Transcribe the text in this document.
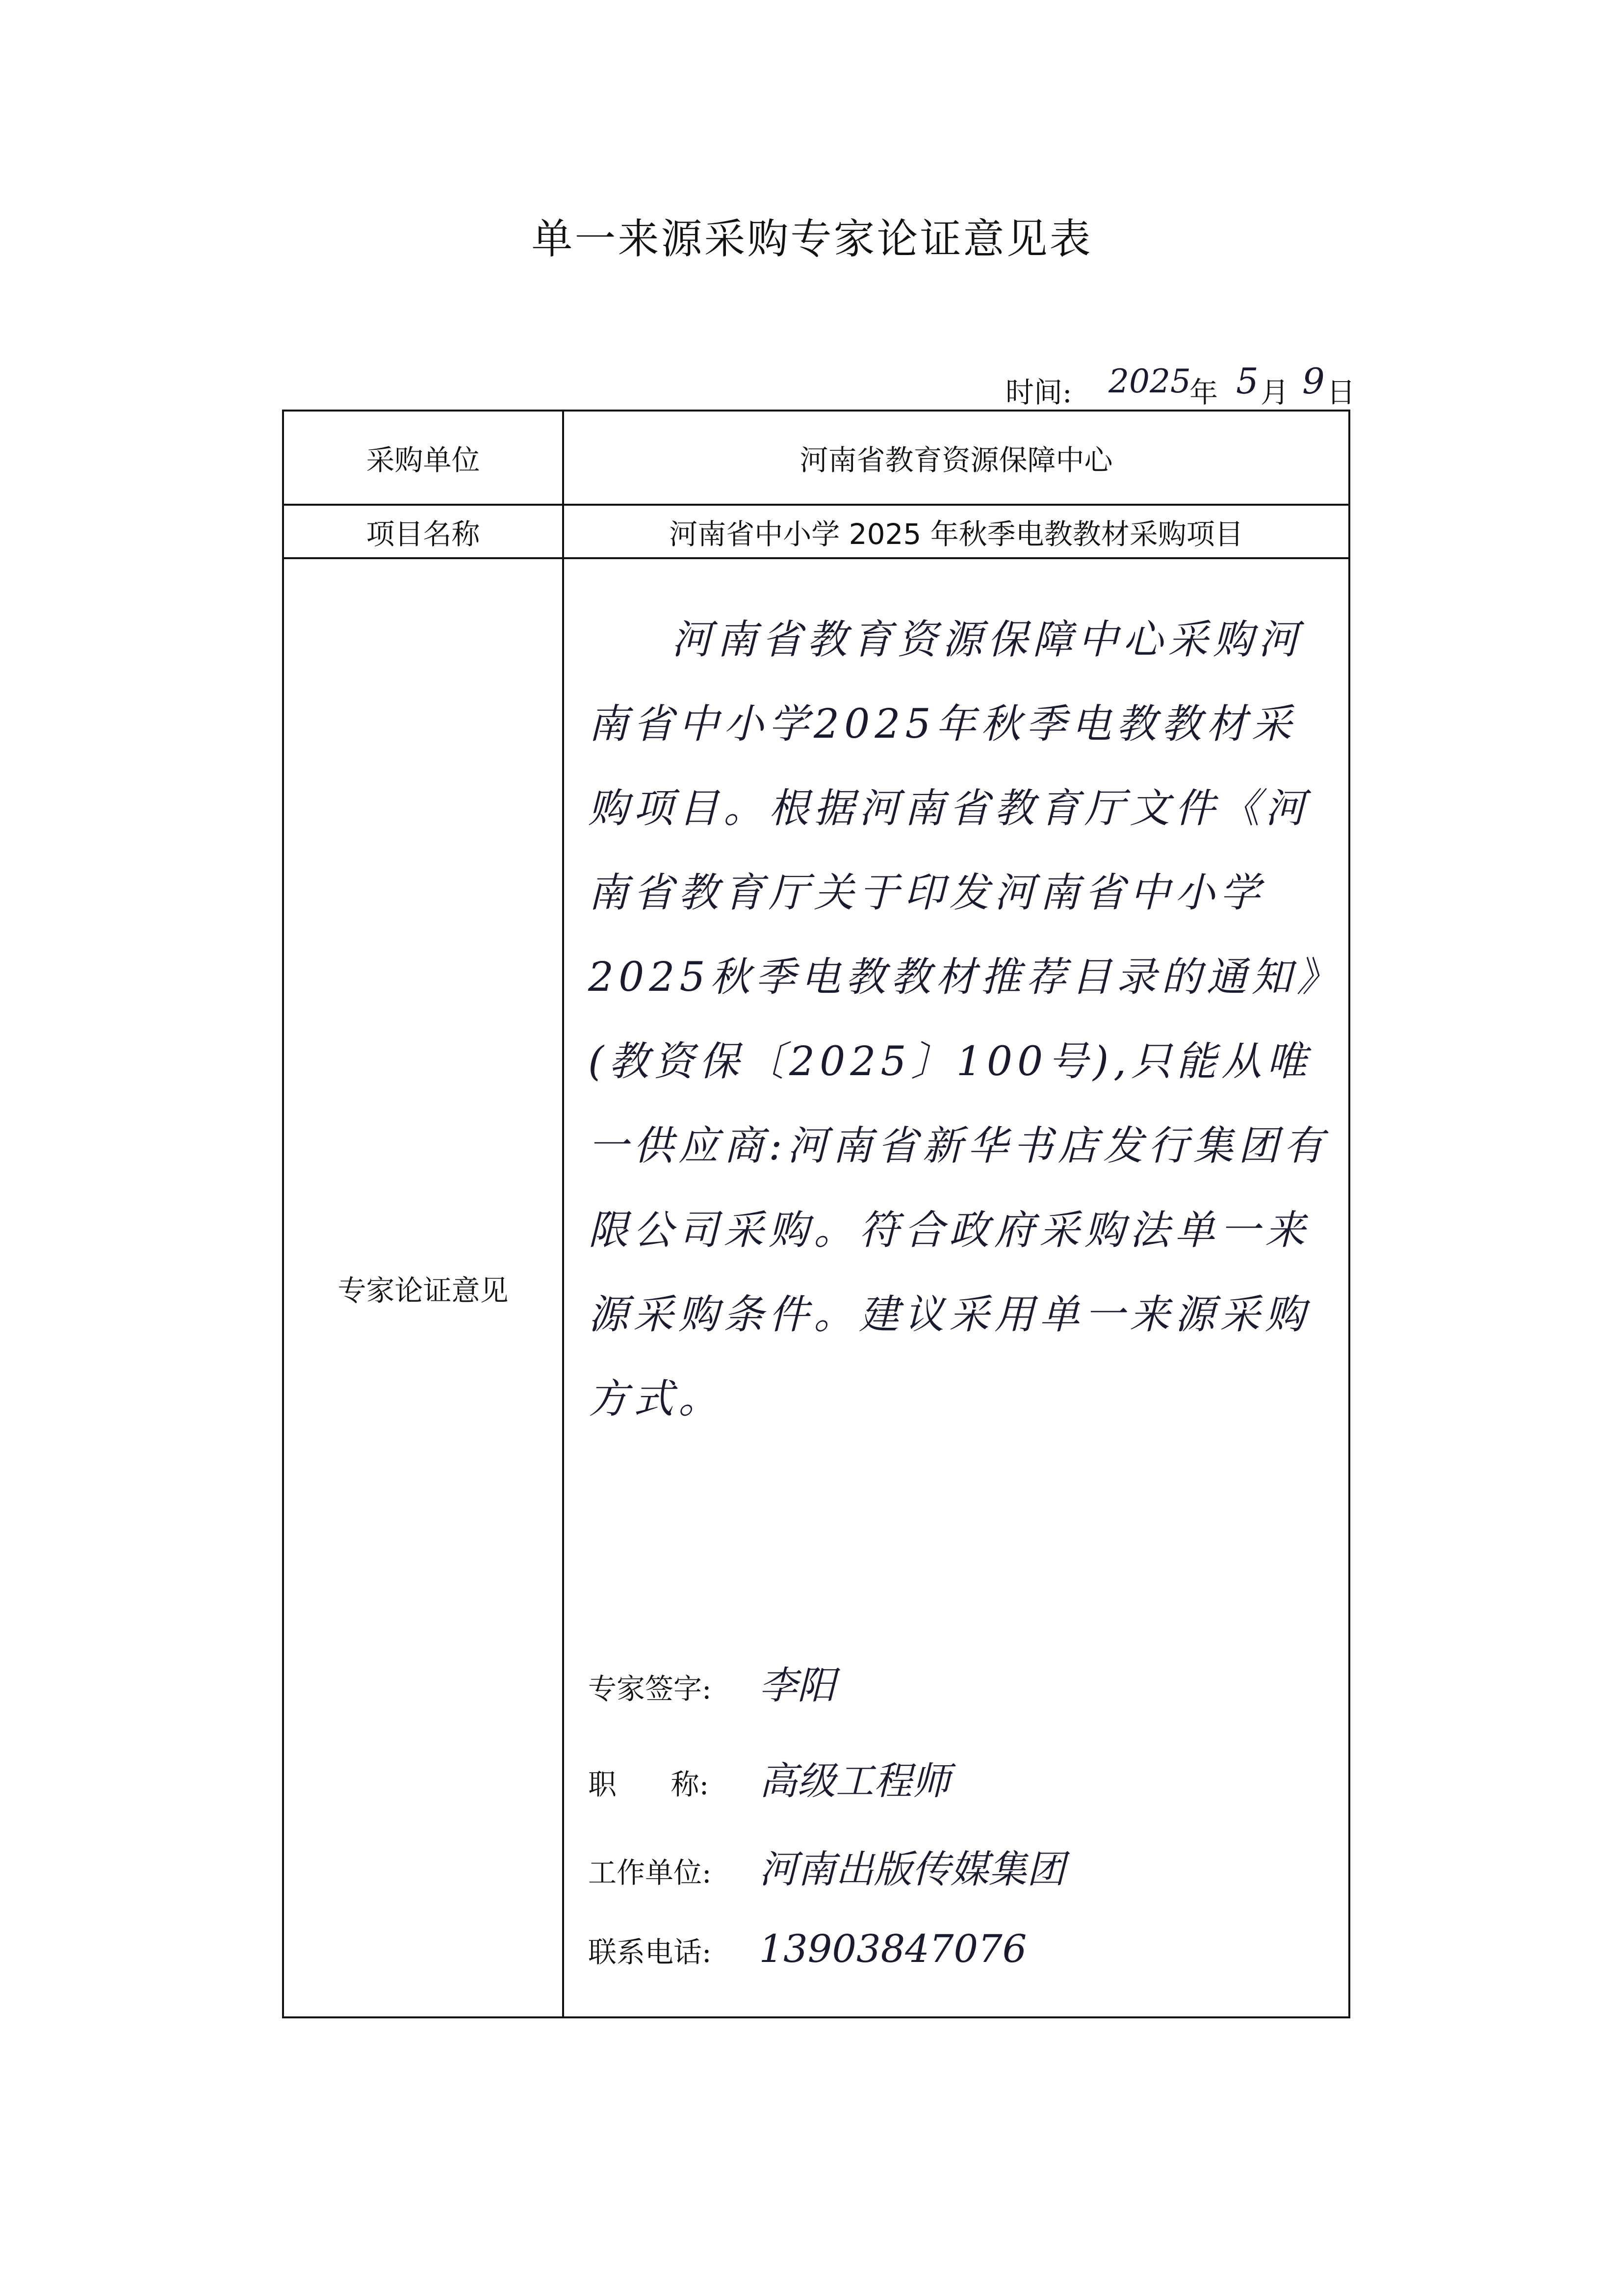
单一来源采购专家论证意见表
时间: 2025
年 5 月 9 日
采购单位	河南省教育资源保障中心
项目名称	河南省中小学 2025 年秋季电教教材采购项目
专家论证意见
河南省教育资源保障中心采购河南省中小学2025年秋季电教教材采购项目。根据河南省教育厅文件《河南省教育厅关于印发河南省中小学2025秋季电教教材推荐目录的通知》(教资保〔2025〕100号),只能从唯一供应商:河南省新华书店发行集团有限公司采购。符合政府采购法单一来源采购条件。建议采用单一来源采购方式。
专家签字: 李阳
职      称: 高级工程师
工作单位: 河南出版传媒集团
联系电话: 13903847076
